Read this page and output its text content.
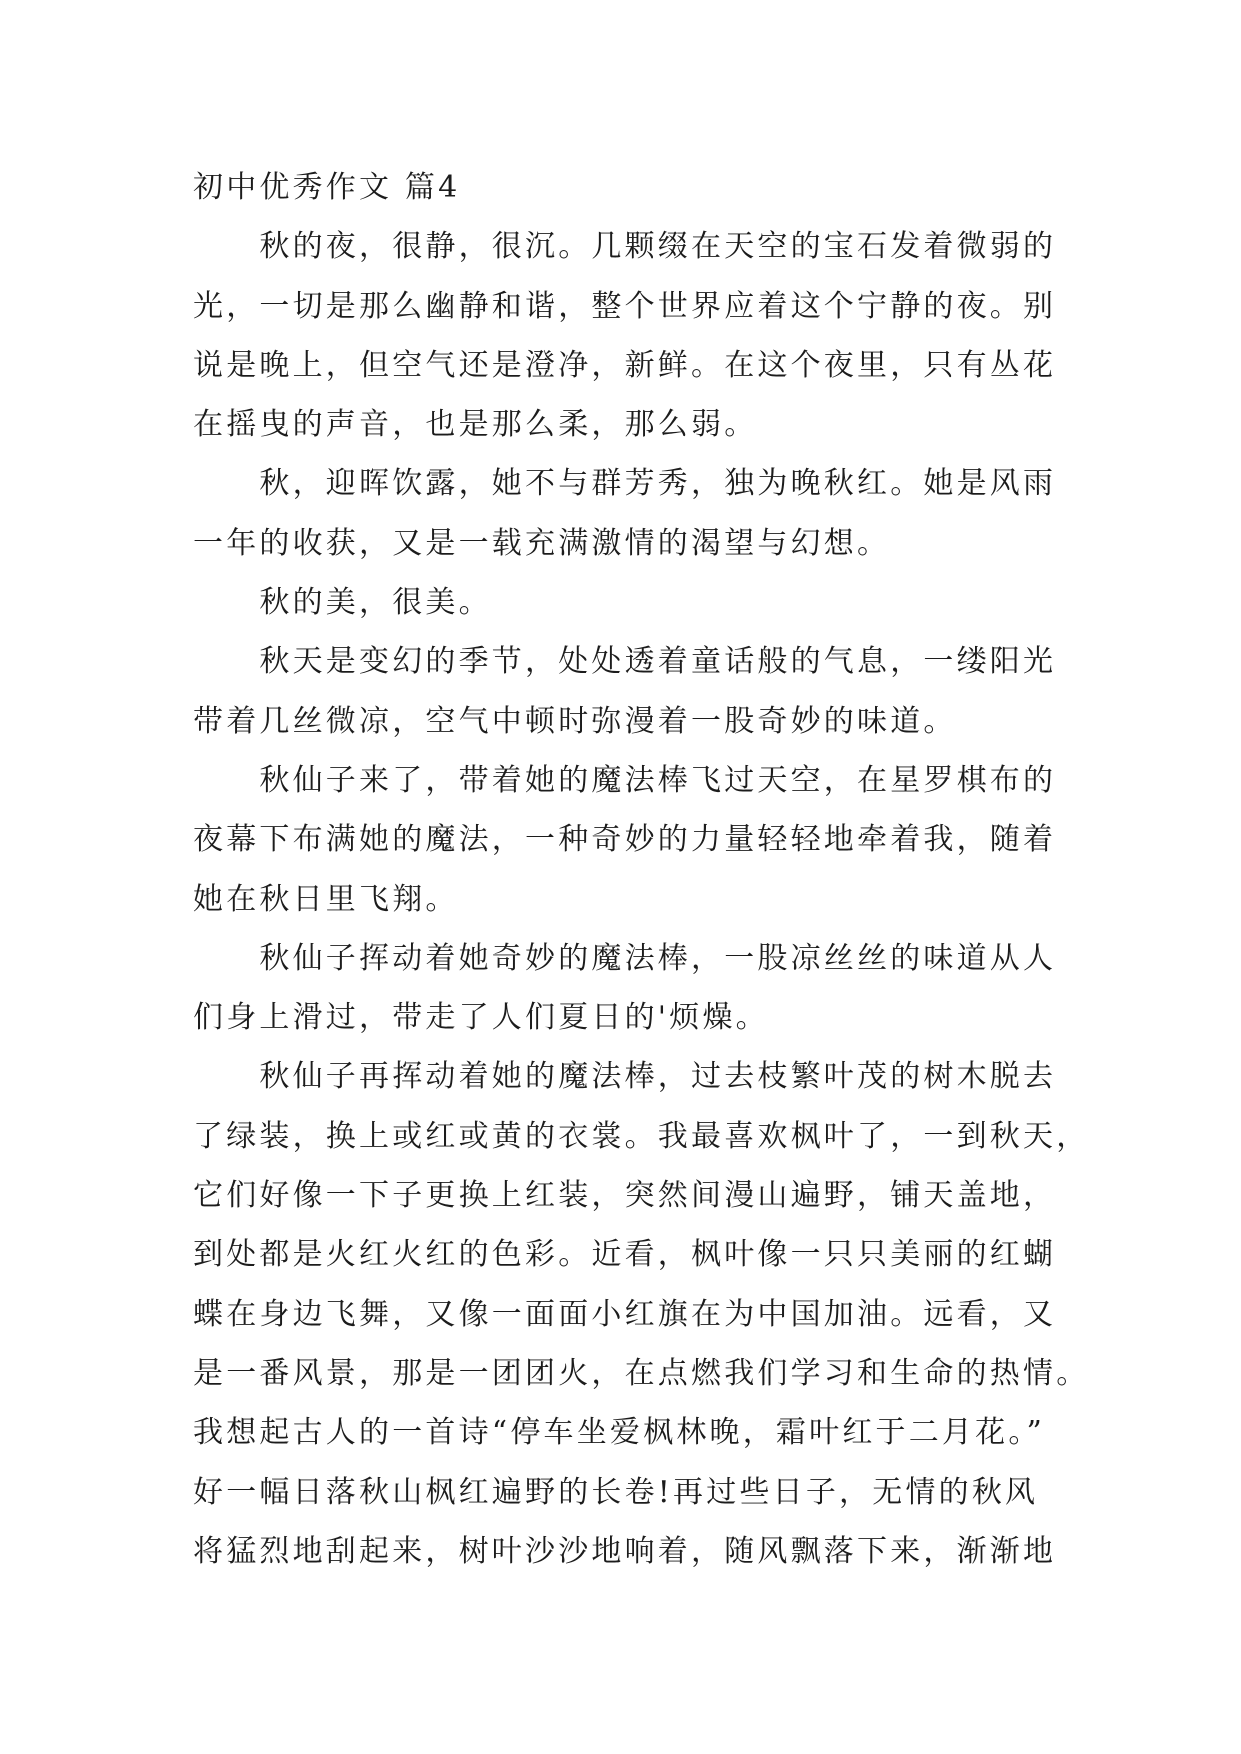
初中优秀作文 篇4
秋的夜，很静，很沉。几颗缀在天空的宝石发着微弱的
光，一切是那么幽静和谐，整个世界应着这个宁静的夜。别
说是晚上，但空气还是澄净，新鲜。在这个夜里，只有丛花
在摇曳的声音，也是那么柔，那么弱。
秋，迎晖饮露，她不与群芳秀，独为晚秋红。她是风雨
一年的收获，又是一载充满激情的渴望与幻想。
秋的美，很美。
秋天是变幻的季节，处处透着童话般的气息，一缕阳光
带着几丝微凉，空气中顿时弥漫着一股奇妙的味道。
秋仙子来了，带着她的魔法棒飞过天空，在星罗棋布的
夜幕下布满她的魔法，一种奇妙的力量轻轻地牵着我，随着
她在秋日里飞翔。
秋仙子挥动着她奇妙的魔法棒，一股凉丝丝的味道从人
们身上滑过，带走了人们夏日的'烦燥。
秋仙子再挥动着她的魔法棒，过去枝繁叶茂的树木脱去
了绿装，换上或红或黄的衣裳。我最喜欢枫叶了，一到秋天，
它们好像一下子更换上红装，突然间漫山遍野，铺天盖地，
到处都是火红火红的色彩。近看，枫叶像一只只美丽的红蝴
蝶在身边飞舞，又像一面面小红旗在为中国加油。远看，又
是一番风景，那是一团团火，在点燃我们学习和生命的热情。
我想起古人的一首诗“停车坐爱枫林晚，霜叶红于二月花。”
好一幅日落秋山枫红遍野的长卷!再过些日子，无情的秋风
将猛烈地刮起来，树叶沙沙地响着，随风飘落下来，渐渐地
